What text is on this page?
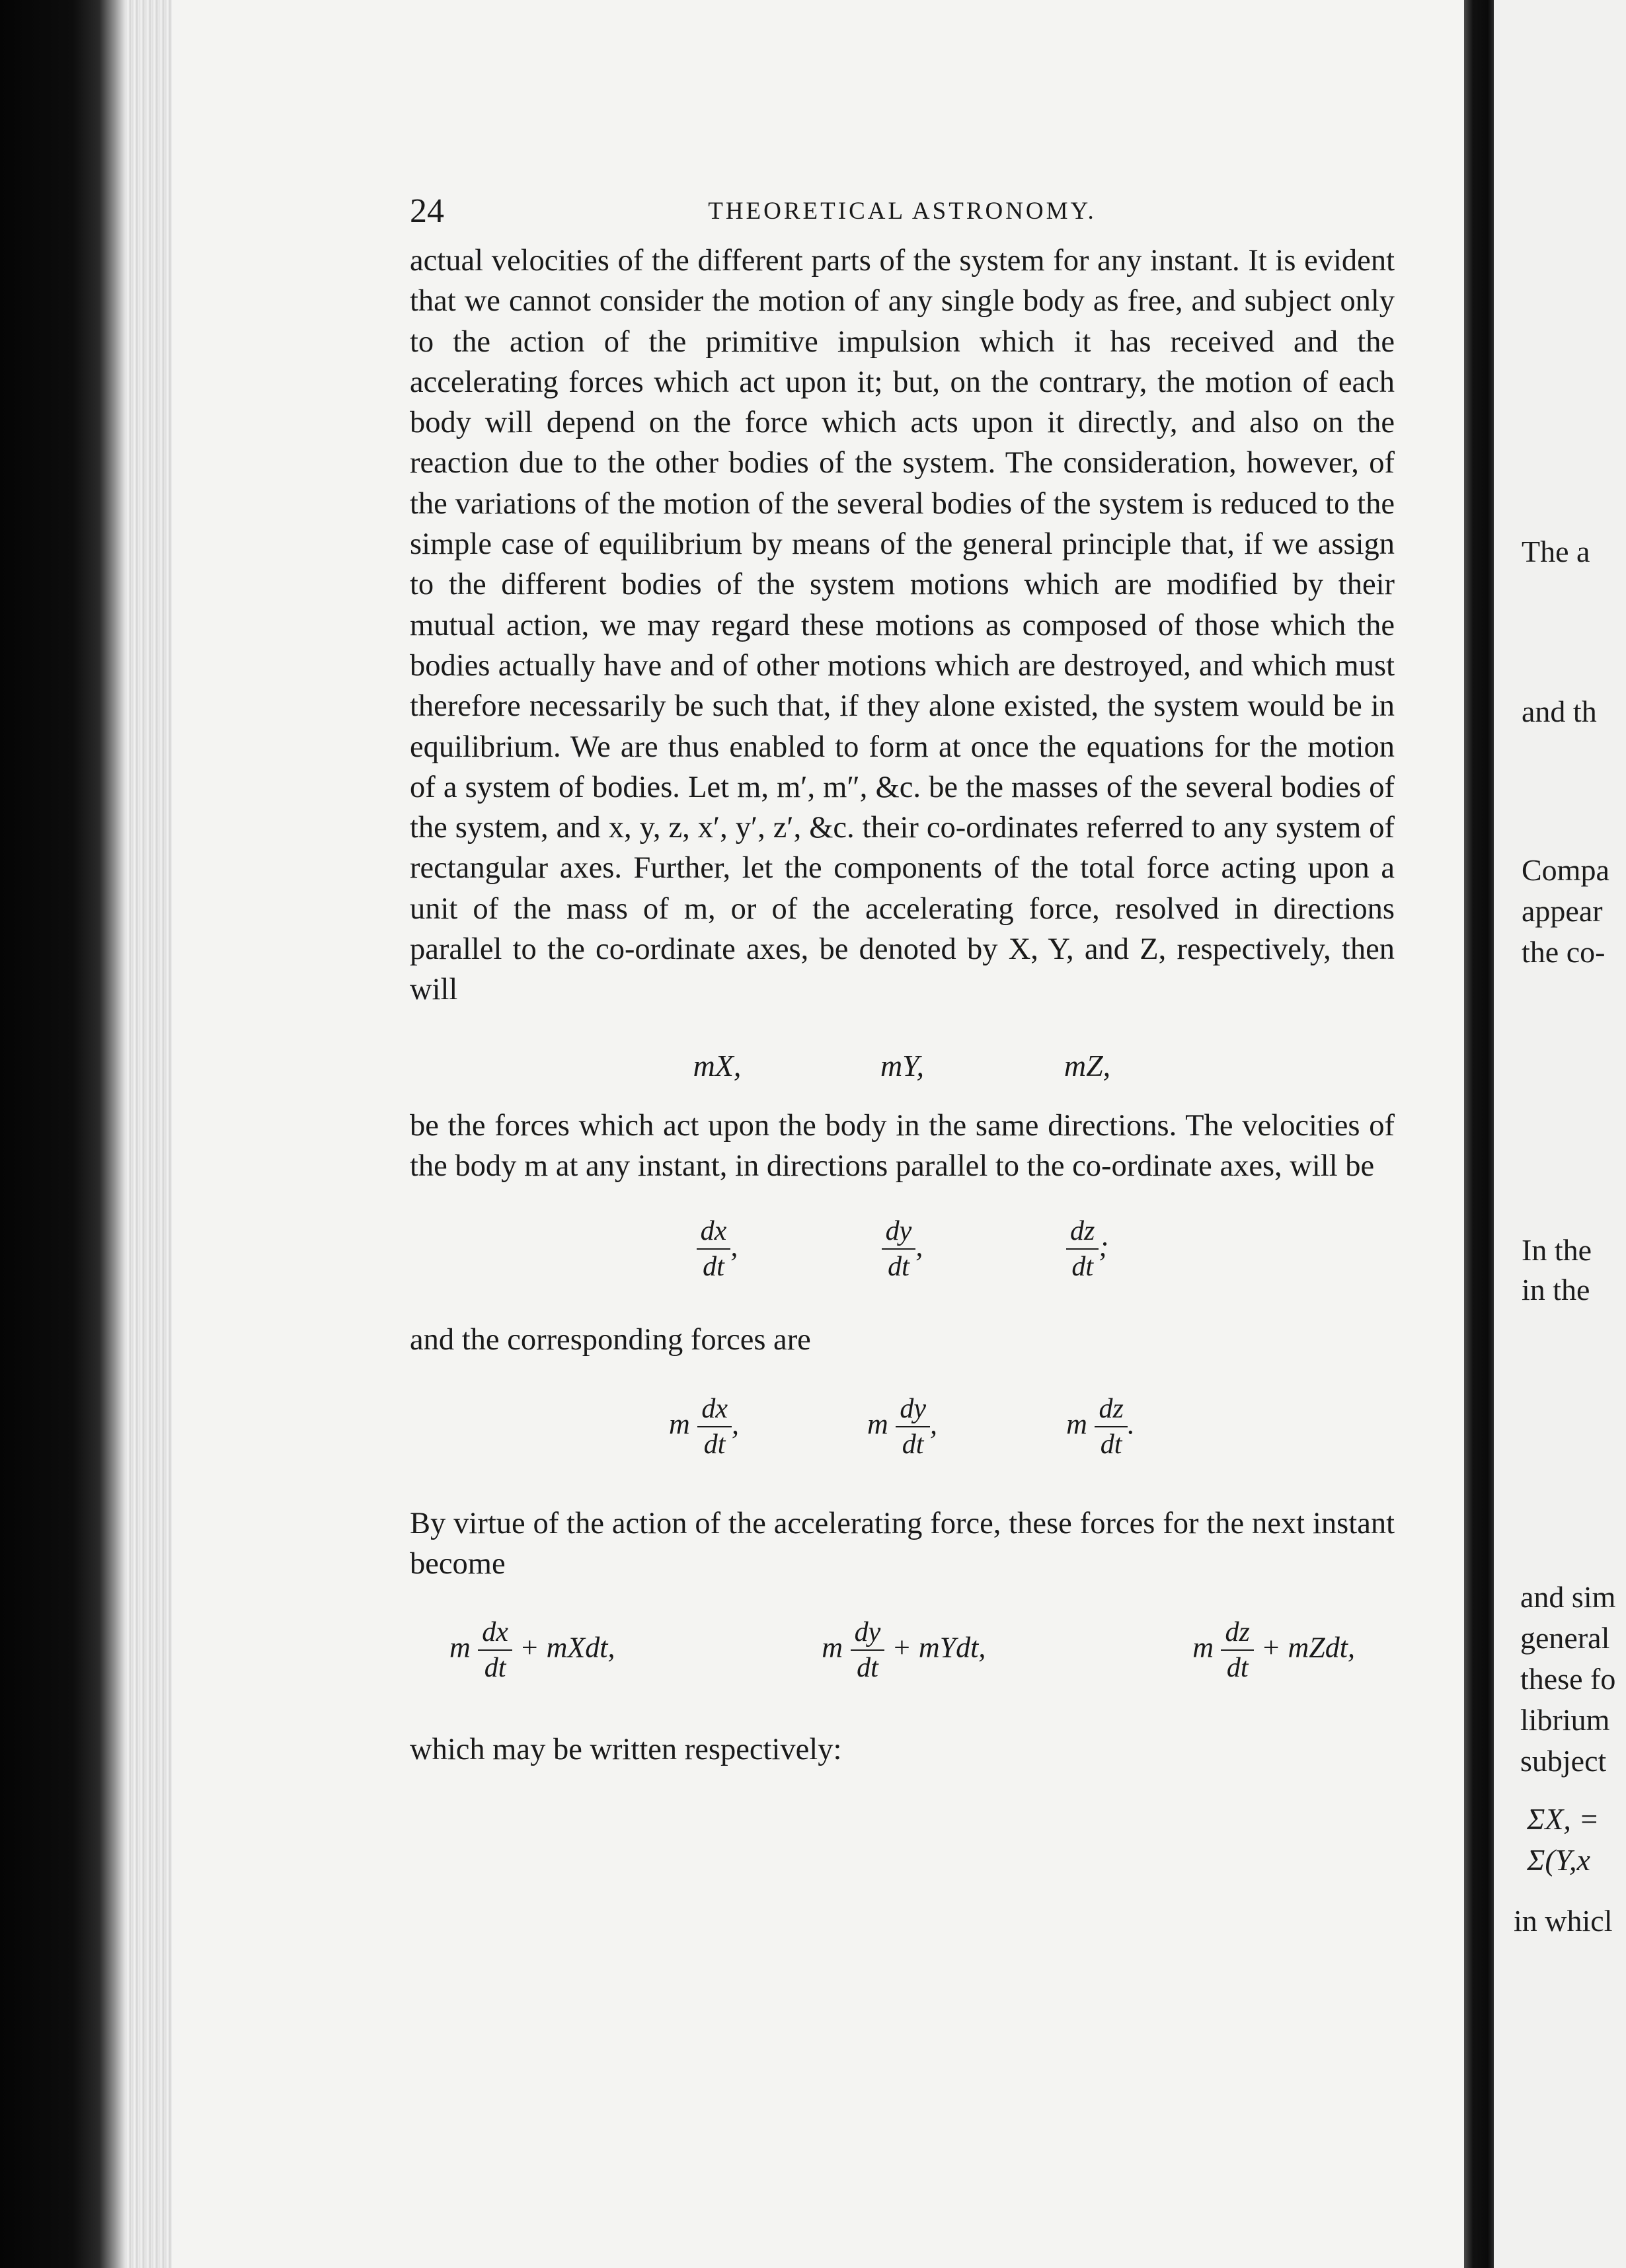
24	THEORETICAL ASTRONOMY.

actual velocities of the different parts of the system for any instant. It is evident that we cannot consider the motion of any single body as free, and subject only to the action of the primitive impulsion which it has received and the accelerating forces which act upon it; but, on the contrary, the motion of each body will depend on the force which acts upon it directly, and also on the reaction due to the other bodies of the system. The consideration, however, of the variations of the motion of the several bodies of the system is reduced to the simple case of equilibrium by means of the general principle that, if we assign to the different bodies of the system motions which are modified by their mutual action, we may regard these motions as composed of those which the bodies actually have and of other motions which are destroyed, and which must therefore necessarily be such that, if they alone existed, the system would be in equilibrium. We are thus enabled to form at once the equations for the motion of a system of bodies. Let m, m′, m″, &c. be the masses of the several bodies of the system, and x, y, z, x′, y′, z′, &c. their co-ordinates referred to any system of rectangular axes. Further, let the components of the total force acting upon a unit of the mass of m, or of the accelerating force, resolved in directions parallel to the co-ordinate axes, be denoted by X, Y, and Z, respectively, then will

mX,	mY,	mZ,

be the forces which act upon the body in the same directions. The velocities of the body m at any instant, in directions parallel to the co-ordinate axes, will be

$\frac{dx}{dt}$ ,	$\frac{dy}{dt}$ ,	$\frac{dz}{dt}$ ;

and the corresponding forces are

m $\frac{dx}{dt}$ ,	m $\frac{dy}{dt}$ ,	m $\frac{dz}{dt}$ .

By virtue of the action of the accelerating force, these forces for the next instant become

m $\frac{dx}{dt}$ + mXdt,	m $\frac{dy}{dt}$ + mYdt,	m $\frac{dz}{dt}$ + mZdt,

which may be written respectively:

The a
and th
Compa
appear
the co-
In the
in the
and sim
general
these fo
librium
subject
ΣX, =
Σ(Y,x
in whicl
